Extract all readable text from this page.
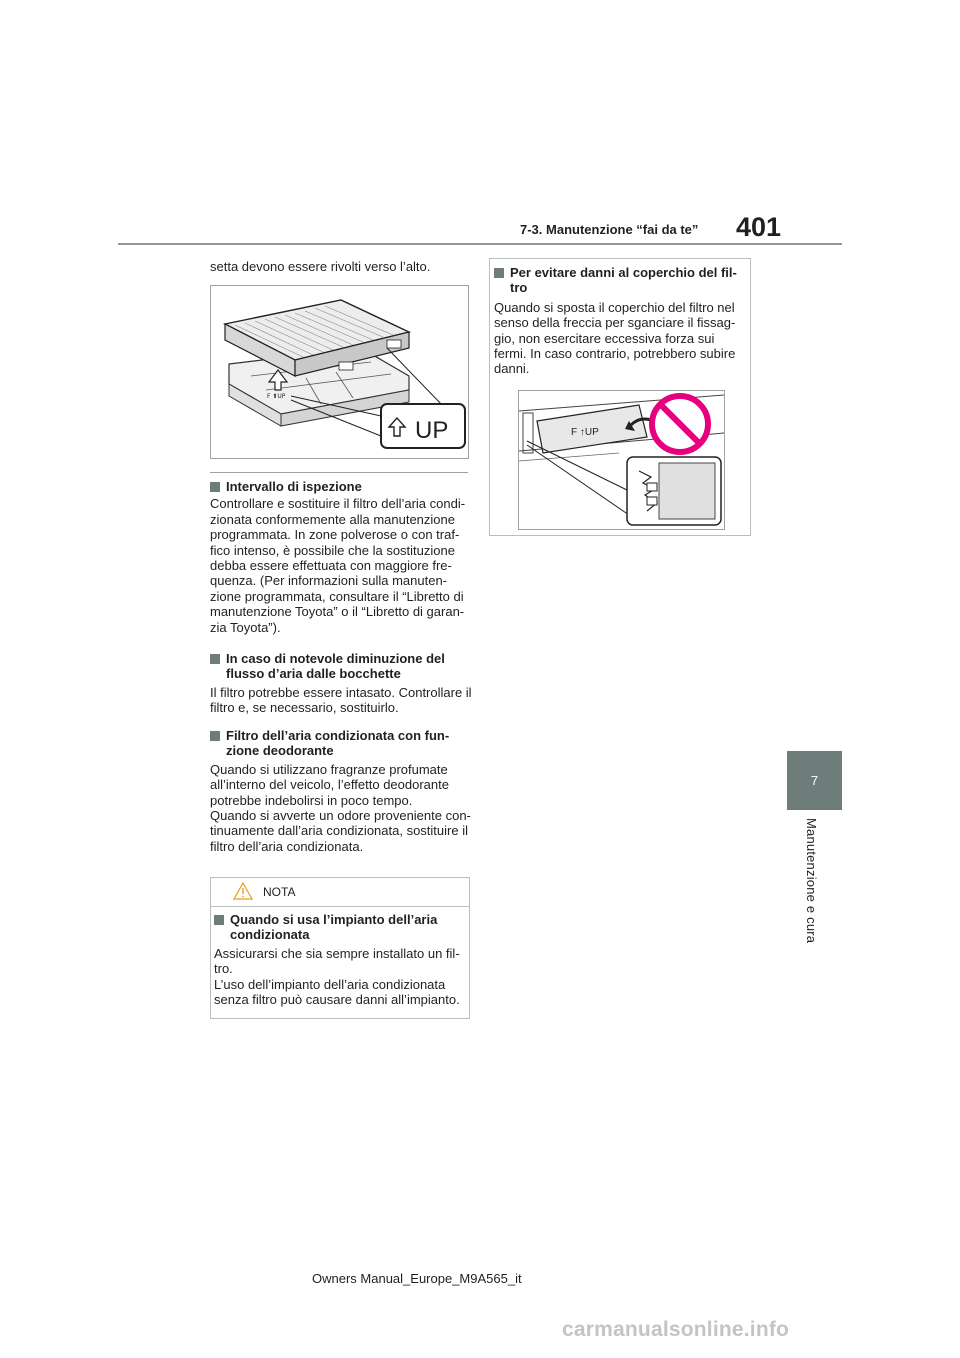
7-3. Manutenzione “fai da te” 401
7
Manutenzione e cura
setta devono essere rivolti verso l’alto.
F ⬆UP
UP
Intervallo di ispezione
Controllare e sostituire il filtro dell’aria condi-
zionata conformemente alla manutenzione
programmata. In zone polverose o con traf-
fico intenso, è possibile che la sostituzione
debba essere effettuata con maggiore fre-
quenza. (Per informazioni sulla manuten-
zione programmata, consultare il “Libretto di
manutenzione Toyota” o il “Libretto di garan-
zia Toyota”).
In caso di notevole diminuzione del
flusso d’aria dalle bocchette
Il filtro potrebbe essere intasato. Controllare il
filtro e, se necessario, sostituirlo.
Filtro dell’aria condizionata con fun-
zione deodorante
Quando si utilizzano fragranze profumate
all’interno del veicolo, l’effetto deodorante
potrebbe indebolirsi in poco tempo.
Quando si avverte un odore proveniente con-
tinuamente dall’aria condizionata, sostituire il
filtro dell’aria condizionata.
NOTA
Quando si usa l’impianto dell’aria
condizionata
Assicurarsi che sia sempre installato un fil-
tro.
L’uso dell’impianto dell’aria condizionata
senza filtro può causare danni all’impianto.
Per evitare danni al coperchio del fil-
tro
Quando si sposta il coperchio del filtro nel
senso della freccia per sganciare il fissag-
gio, non esercitare eccessiva forza sui
fermi. In caso contrario, potrebbero subire
danni.
F ↑UP
Owners Manual_Europe_M9A565_it
carmanualsonline.info
